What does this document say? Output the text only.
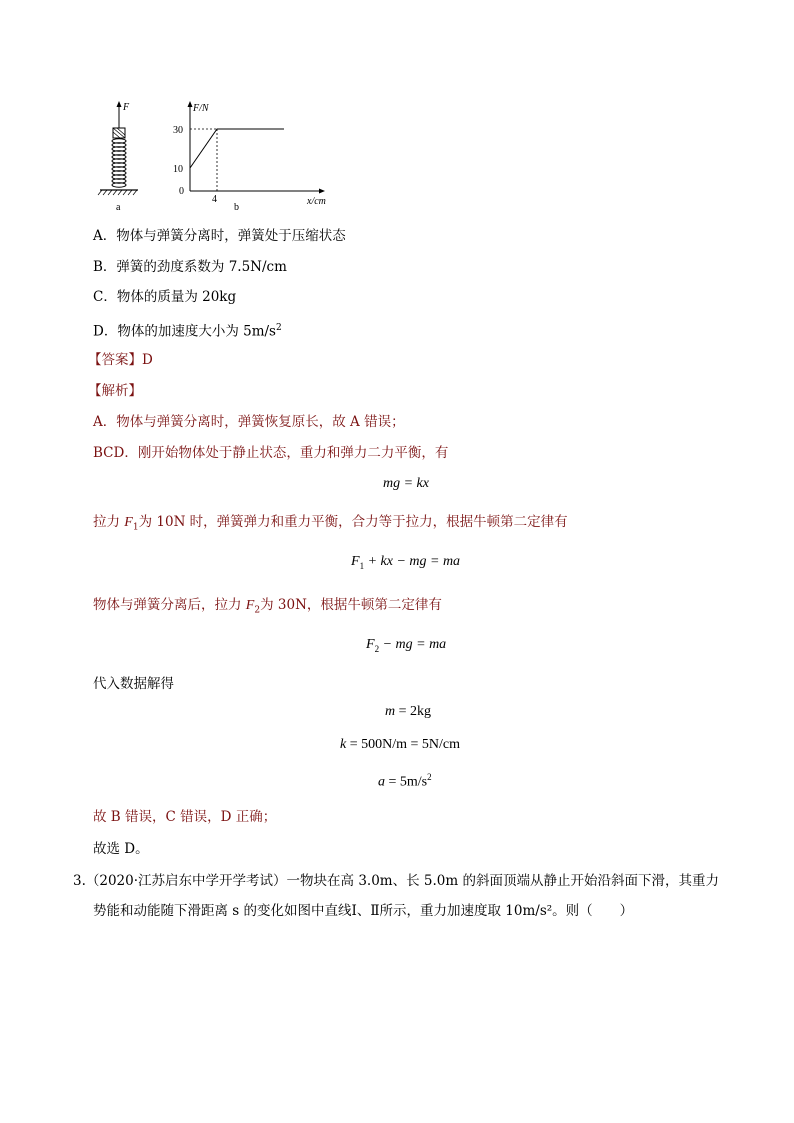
F
a
F/N
x/cm
30
10
0
4
b
A．物体与弹簧分离时，弹簧处于压缩状态
B．弹簧的劲度系数为 7.5N/cm
C．物体的质量为 20kg
D．物体的加速度大小为 $5m/s^2$
【答案】D
【解析】
A．物体与弹簧分离时，弹簧恢复原长，故 A 错误；
BCD．刚开始物体处于静止状态，重力和弹力二力平衡，有
mg = kx
拉力 $F_1$为 10N 时，弹簧弹力和重力平衡，合力等于拉力，根据牛顿第二定律有
$F_1$ + kx − mg = ma
物体与弹簧分离后，拉力 $F_2$为 30N，根据牛顿第二定律有
$F_2$ − mg = ma
代入数据解得
m = 2kg
k = 500N/m = 5N/cm
$a = 5m/s^2$
故 B 错误，C 错误，D 正确；
故选 D。
3.（2020·江苏启东中学开学考试）一物块在高 3.0m、长 5.0m 的斜面顶端从静止开始沿斜面下滑，其重力
势能和动能随下滑距离 s 的变化如图中直线Ⅰ、Ⅱ所示，重力加速度取 10m/s²。则（　　）
